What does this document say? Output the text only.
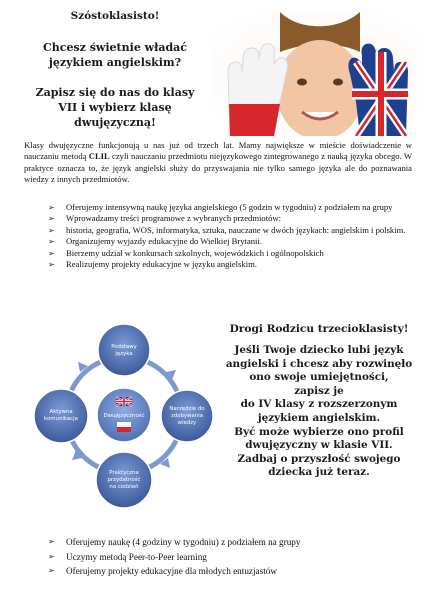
Szóstoklasisto!
Chcesz świetnie władać
językiem angielskim?
Zapisz się do nas do klasy
VII i wybierz klasę
dwujęzyczną!

Klasy dwujęzyczne funkcjonują u nas już od trzech lat. Mamy największe w mieście doświadczenie w nauczaniu metodą CLIL czyli nauczaniu przedmiotu niejęzykowego zintegrowanego z nauką języka obcego. W praktyce oznacza to, że język angielski służy do przyswajania nie tylko samego języka ale do poznawania wiedzy z innych przedmiotów.

➢ Oferujemy intensywną naukę języka angielskiego (5 godzin w tygodniu) z podziałem na grupy
➢ Wprowadzamy treści programowe z wybranych przedmiotów:
➢ historia, geografia, WOS, informatyka, sztuka, nauczane w dwóch językach: angielskim i polskim.
➢ Organizujemy wyjazdy edukacyjne do Wielkiej Brytanii.
➢ Bierzemy udział w konkursach szkolnych, wojewódzkich i ogólnopolskich
➢ Realizujemy projekty edukacyjne w języku angielskim.
Podstawy
języka
Narzędzie do
zdobywania
wiedzy
Praktyczna
przydatność
na codzień
Aktywna
komunikacja	Dwujęzyczność
Drogi Rodzicu trzecioklasisty!
Jeśli Twoje dziecko lubi język
angielski i chcesz aby rozwinęło
ono swoje umiejętności,
zapisz je
do IV klasy z rozszerzonym
językiem angielskim.
Być może wybierze ono profil
dwujęzyczny w klasie VII.
Zadbaj o przyszłość swojego
dziecka już teraz.
➢ Oferujemy naukę (4 godziny w tygodniu) z podziałem na grupy
➢ Uczymy metodą Peer-to-Peer learning
➢ Oferujemy projekty edukacyjne dla młodych entuzjastów
